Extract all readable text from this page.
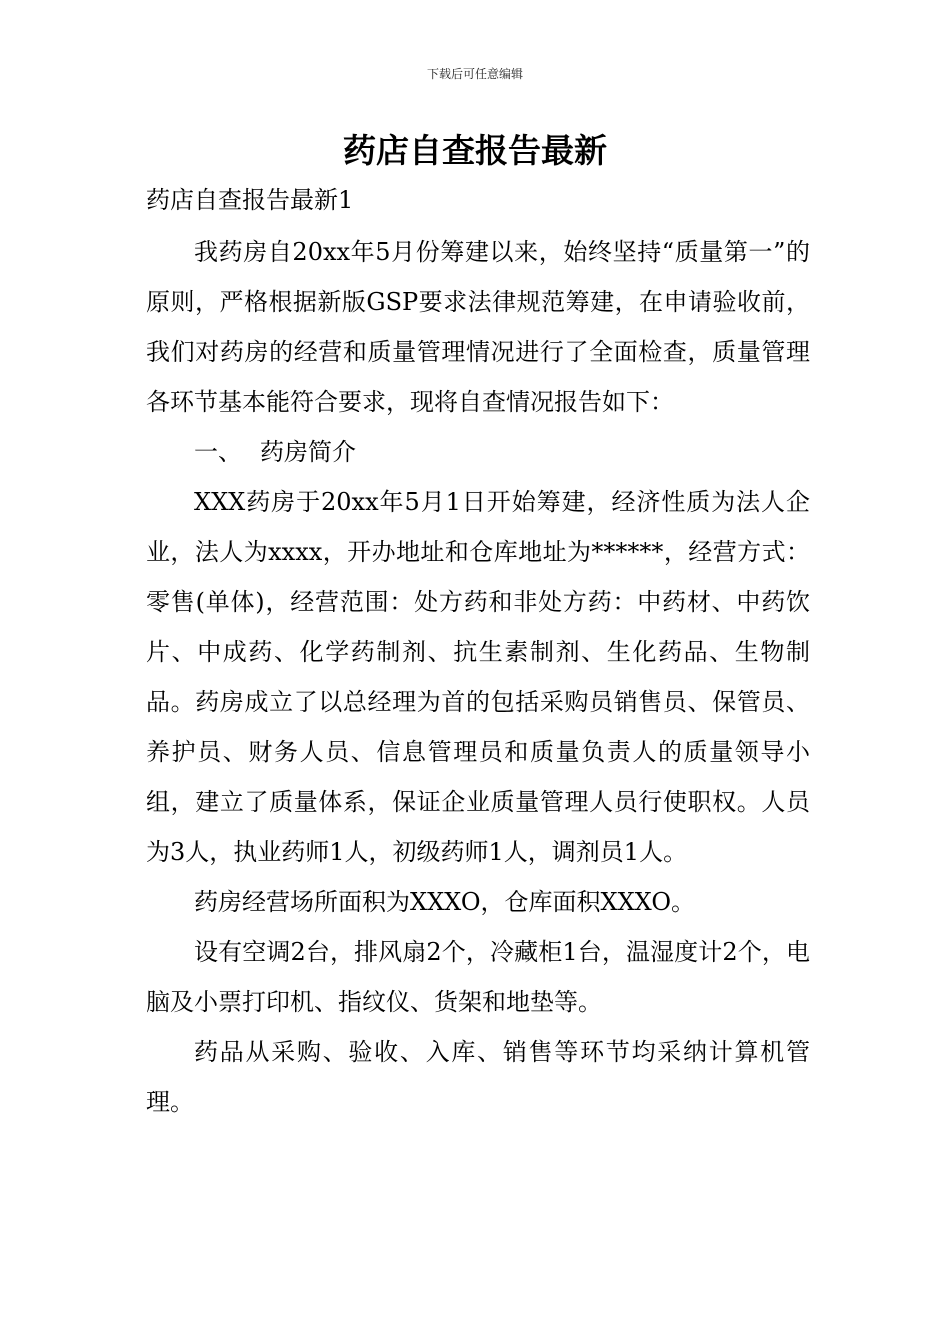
下载后可任意编辑
药店自查报告最新

药店自查报告最新1

我药房自20xx年5月份筹建以来，始终坚持“质量第一”的原则，严格根据新版GSP要求法律规范筹建，在申请验收前，我们对药房的经营和质量管理情况进行了全面检查，质量管理各环节基本能符合要求，现将自查情况报告如下：

一、 药房简介

XXX药房于20xx年5月1日开始筹建，经济性质为法人企业，法人为xxxx，开办地址和仓库地址为******，经营方式：零售(单体)，经营范围：处方药和非处方药：中药材、中药饮片、中成药、化学药制剂、抗生素制剂、生化药品、生物制品。药房成立了以总经理为首的包括采购员销售员、保管员、养护员、财务人员、信息管理员和质量负责人的质量领导小组，建立了质量体系，保证企业质量管理人员行使职权。人员为3人，执业药师1人，初级药师1人，调剂员1人。

药房经营场所面积为XXXO，仓库面积XXXO。

设有空调2台，排风扇2个，冷藏柜1台，温湿度计2个，电脑及小票打印机、指纹仪、货架和地垫等。

药品从采购、验收、入库、销售等环节均采纳计算机管理。
